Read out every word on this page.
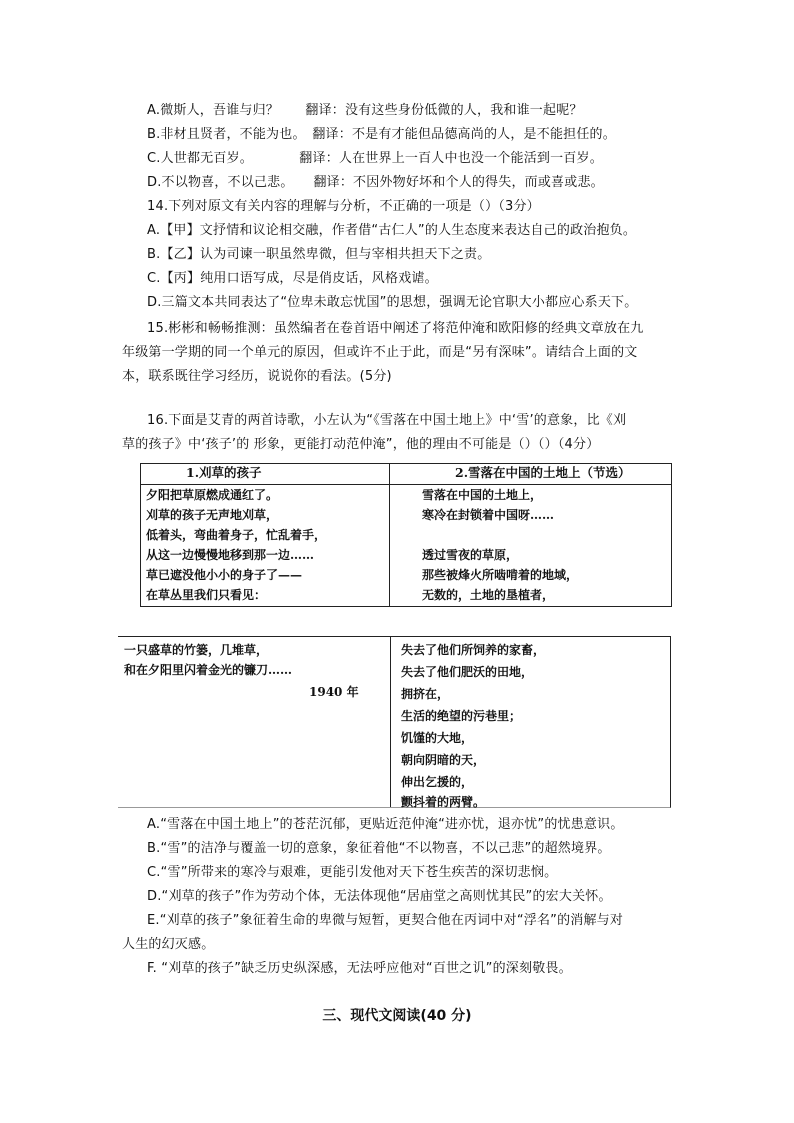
A.微斯人，吾谁与归？　　翻译：没有这些身份低微的人，我和谁一起呢？
B.非材且贤者，不能为也。　翻译：不是有才能但品德高尚的人，是不能担任的。
C.人世都无百岁。　　　　翻译：人在世界上一百人中也没一个能活到一百岁。
D.不以物喜，不以己悲。　　翻译：不因外物好坏和个人的得失，而或喜或悲。
14.下列对原文有关内容的理解与分析，不正确的一项是（）（3分）
A.【甲】文抒情和议论相交融，作者借“古仁人”的人生态度来表达自己的政治抱负。
B.【乙】认为司谏一职虽然卑微，但与宰相共担天下之责。
C.【丙】纯用口语写成，尽是俏皮话，风格戏谑。
D.三篇文本共同表达了“位卑未敢忘忧国”的思想，强调无论官职大小都应心系天下。
15.彬彬和畅畅推测：虽然编者在卷首语中阐述了将范仲淹和欧阳修的经典文章放在九
年级第一学期的同一个单元的原因，但或许不止于此，而是“另有深味”。请结合上面的文
本，联系既往学习经历，说说你的看法。(5分)
16.下面是艾青的两首诗歌，小左认为“《雪落在中国土地上》中‘雪’的意象，比《刈
草的孩子》中‘孩子’的 形象，更能打动范仲淹”，他的理由不可能是（）（）（4分）
1.刈草的孩子	2.雪落在中国的土地上（节选）
夕阳把草原燃成通红了。
刈草的孩子无声地刈草，
低着头，弯曲着身子，忙乱着手，
从这一边慢慢地移到那一边……
草已遮没他小小的身子了——
在草丛里我们只看见：
雪落在中国的土地上，
寒冷在封锁着中国呀……
透过雪夜的草原，
那些被烽火所啮啃着的地域，
无数的，土地的垦植者，
一只盛草的竹篓，几堆草，
和在夕阳里闪着金光的镰刀……
1940 年
失去了他们所饲养的家畜，
失去了他们肥沃的田地，
拥挤在，
生活的绝望的污巷里；
饥馑的大地，
朝向阴暗的天，
伸出乞援的，
颤抖着的两臂。
A.“雪落在中国土地上”的苍茫沉郁，更贴近范仲淹“进亦忧，退亦忧”的忧患意识。
B.“雪”的洁净与覆盖一切的意象，象征着他“不以物喜，不以己悲”的超然境界。
C.“雪”所带来的寒冷与艰难，更能引发他对天下苍生疾苦的深切悲悯。
D.“刈草的孩子”作为劳动个体，无法体现他“居庙堂之高则忧其民”的宏大关怀。
E.“刈草的孩子”象征着生命的卑微与短暂，更契合他在丙词中对“浮名”的消解与对
人生的幻灭感。
F. “刈草的孩子”缺乏历史纵深感，无法呼应他对“百世之讥”的深刻敬畏。
三、现代文阅读(40 分)
